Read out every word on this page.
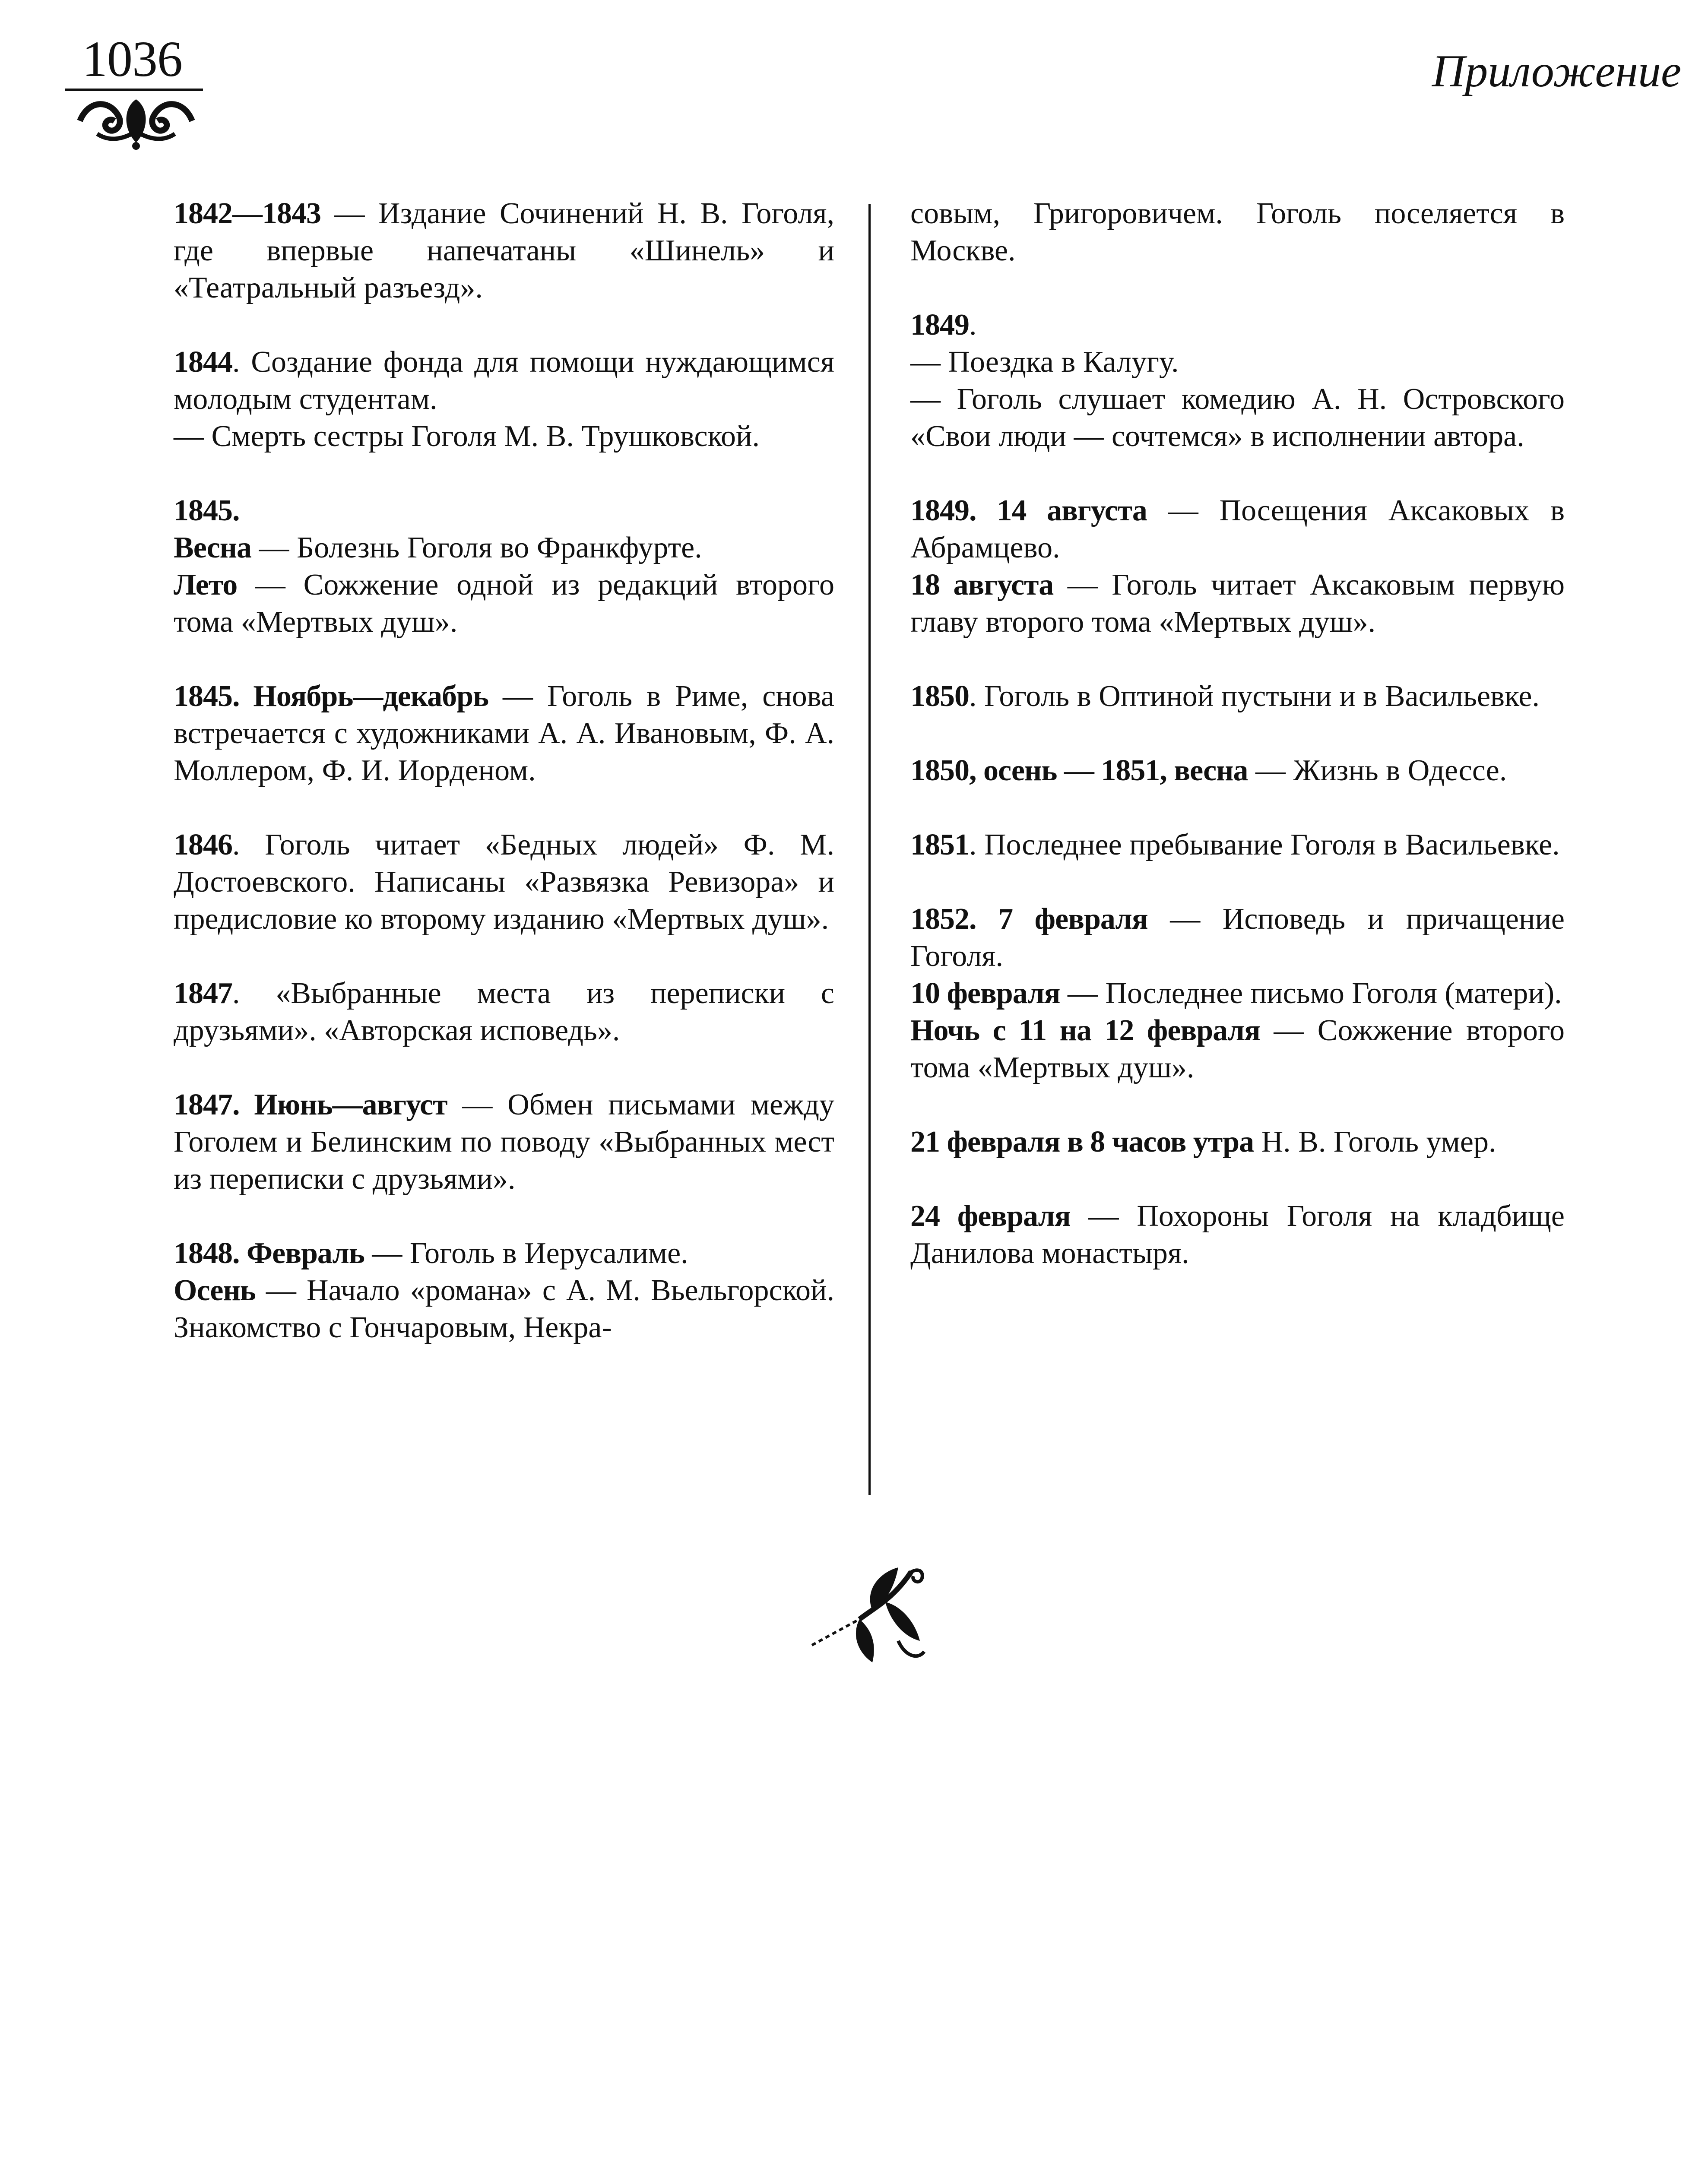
1036	Приложение
1842—1843 — Издание Сочинений Н. В. Гоголя, где впервые напечатаны «Шинель» и «Театральный разъезд».
1844. Создание фонда для помощи нуждающимся молодым студентам.
— Смерть сестры Гоголя М. В. Трушковской.
1845.
Весна — Болезнь Гоголя во Франкфурте.
Лето — Сожжение одной из редакций второго тома «Мертвых душ».
1845. Ноябрь—декабрь — Гоголь в Риме, снова встречается с художниками А. А. Ивановым, Ф. А. Моллером, Ф. И. Иорденом.
1846. Гоголь читает «Бедных людей» Ф. М. Достоевского. Написаны «Развязка Ревизора» и предисловие ко второму изданию «Мертвых душ».
1847. «Выбранные места из переписки с друзьями». «Авторская исповедь».
1847. Июнь—август — Обмен письмами между Гоголем и Белинским по поводу «Выбранных мест из переписки с друзьями».
1848. Февраль — Гоголь в Иерусалиме.
Осень — Начало «романа» с А. М. Вьельгорской. Знакомство с Гончаровым, Некра-
совым, Григоровичем. Гоголь поселяется в Москве.
1849.
— Поездка в Калугу.
— Гоголь слушает комедию А. Н. Островского «Свои люди — сочтемся» в исполнении автора.
1849. 14 августа — Посещения Аксаковых в Абрамцево.
18 августа — Гоголь читает Аксаковым первую главу второго тома «Мертвых душ».
1850. Гоголь в Оптиной пустыни и в Васильевке.
1850, осень — 1851, весна — Жизнь в Одессе.
1851. Последнее пребывание Гоголя в Васильевке.
1852. 7 февраля — Исповедь и причащение Гоголя.
10 февраля — Последнее письмо Гоголя (матери).
Ночь с 11 на 12 февраля — Сожжение второго тома «Мертвых душ».
21 февраля в 8 часов утра Н. В. Гоголь умер.
24 февраля — Похороны Гоголя на кладбище Данилова монастыря.
